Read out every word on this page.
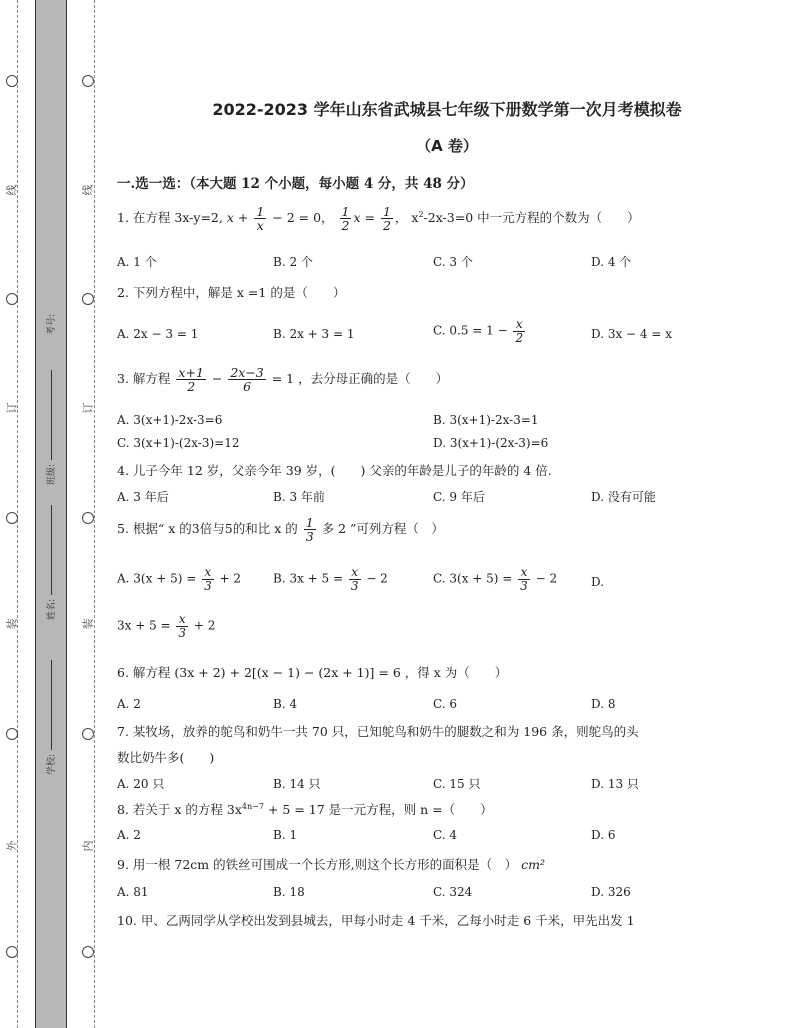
线
订
装
外
线
订
装
内
考号:
班级:
姓名:
学校:
2022-2023 学年山东省武城县七年级下册数学第一次月考模拟卷
（A 卷）
一.选一选：（本大题 12 个小题，每小题 4 分，共 48 分）
1. 在方程 3x-y=2, $x + \frac{1}{x} - 2 = 0$， $\frac{1}{2}$ $x = \frac{1}{2}$ ， $x^2-2x-3=0$ 中一元方程的个数为（　　）
A. 1 个	B. 2 个	C. 3 个	D. 4 个
2. 下列方程中，解是 x =1 的是（　　）
A. 2x − 3 = 1	B. 2x + 3 = 1	C. $0.5 = 1 - \frac{x}{2}$	D. 3x − 4 = x
3. 解方程 $\frac{x+1}{2} - \frac{2x-3}{6} = 1$ ，去分母正确的是（　　）
A. 3(x+1)-2x-3=6	B. 3(x+1)-2x-3=1
C. 3(x+1)-(2x-3)=12	D. 3(x+1)-(2x-3)=6
4. 儿子今年 12 岁，父亲今年 39 岁，(　　) 父亲的年龄是儿子的年龄的 4 倍.
A. 3 年后	B. 3 年前	C. 9 年后	D. 没有可能
5. 根据“ x 的3倍与5的和比 x 的 $\frac{1}{3}$ 多 2 ”可列方程（　）
A. $3(x + 5) = \frac{x}{3} + 2$	B. $3x + 5 = \frac{x}{3} - 2$	C. $3(x + 5) = \frac{x}{3} - 2$	D.
$3x + 5 = \frac{x}{3} + 2$
6. 解方程 (3x + 2) + 2[(x − 1) − (2x + 1)] = 6 ，得 x 为（　　）
A. 2	B. 4	C. 6	D. 8
7. 某牧场，放养的鸵鸟和奶牛一共 70 只，已知鸵鸟和奶牛的腿数之和为 196 条，则鸵鸟的头
数比奶牛多(　　)
A. 20 只	B. 14 只	C. 15 只	D. 13 只
8. 若关于 x 的方程 $3x^{4n-7} + 5 = 17$ 是一元方程，则 n =（　　）
A. 2	B. 1	C. 4	D. 6
9. 用一根 72cm 的铁丝可围成一个长方形,则这个长方形的面积是（　） cm²
A. 81	B. 18	C. 324	D. 326
10. 甲、乙两同学从学校出发到县城去，甲每小时走 4 千米，乙每小时走 6 千米，甲先出发 1
